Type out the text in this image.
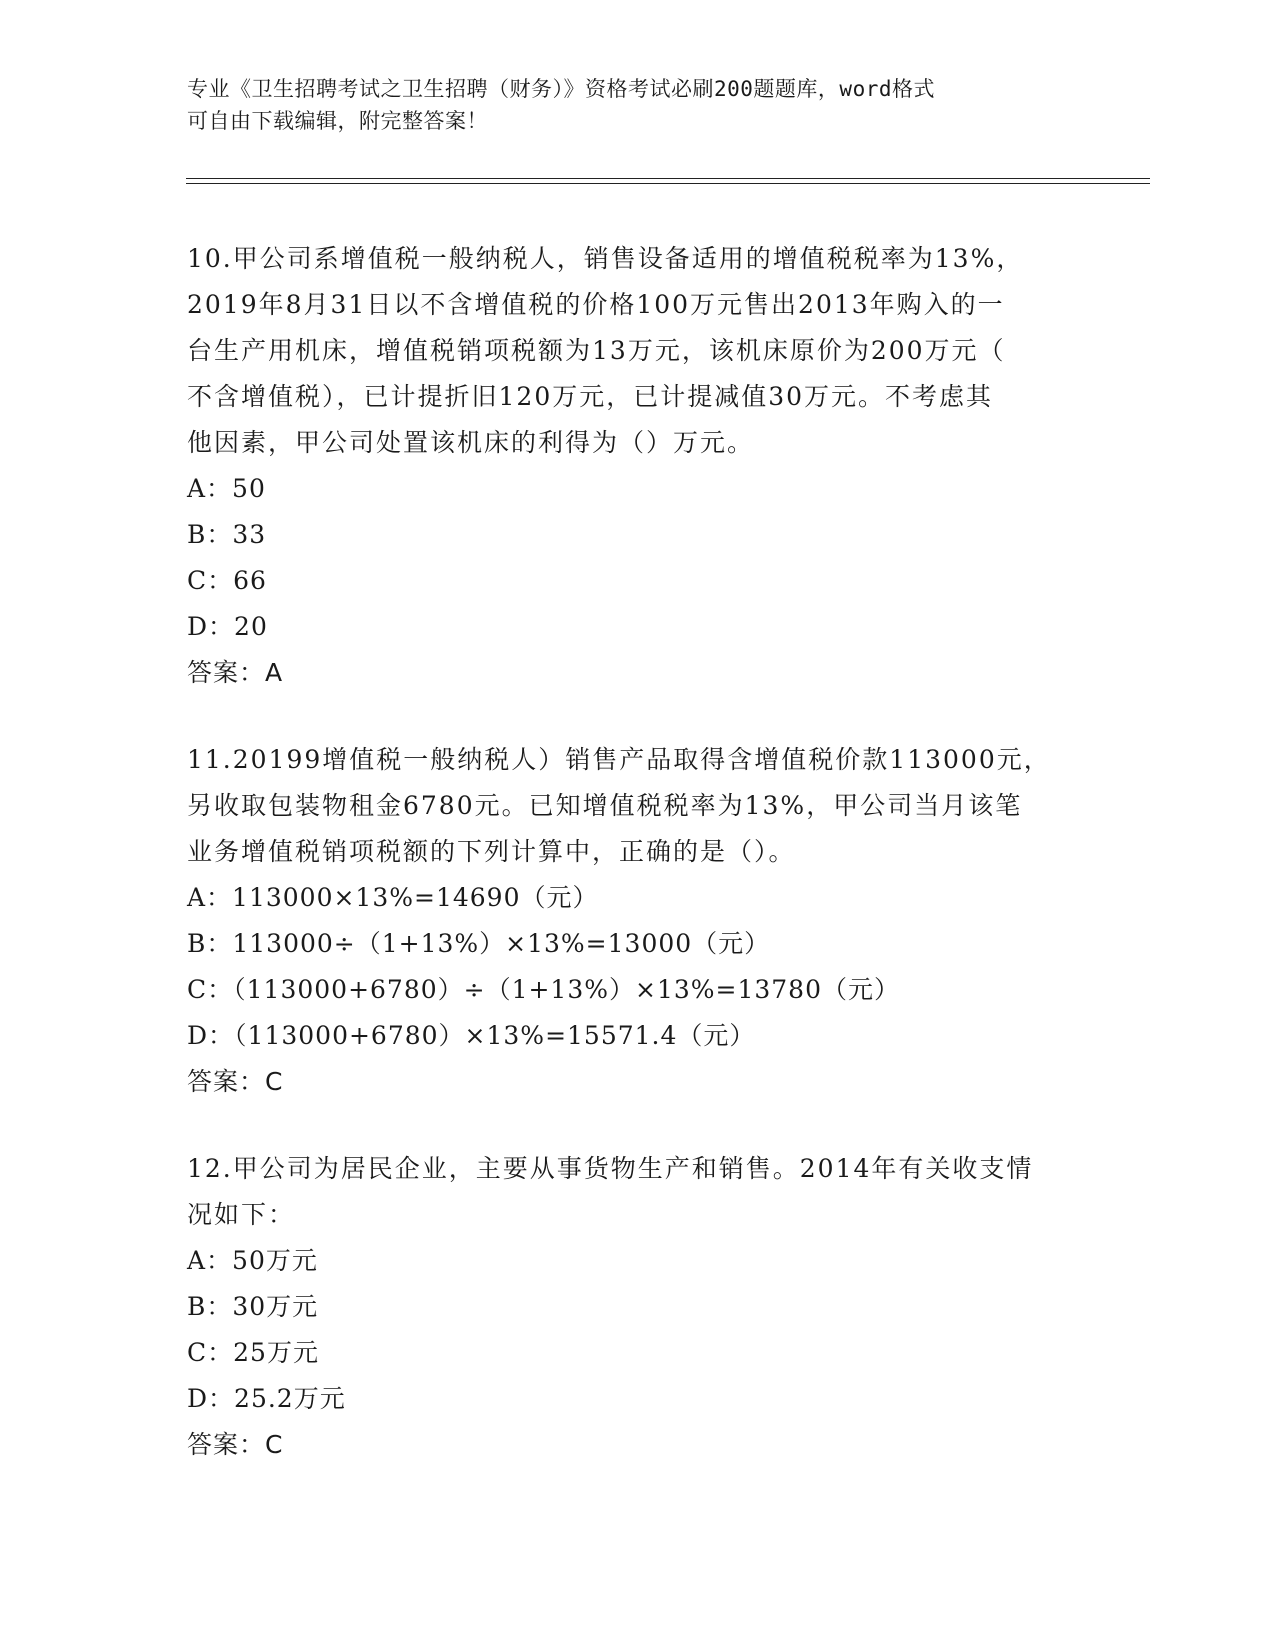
专业《卫生招聘考试之卫生招聘（财务）》资格考试必刷200题题库，word格式
可自由下载编辑，附完整答案！
10.甲公司系增值税一般纳税人，销售设备适用的增值税税率为13%，
2019年8月31日以不含增值税的价格100万元售出2013年购入的一
台生产用机床，增值税销项税额为13万元，该机床原价为200万元（
不含增值税），已计提折旧120万元，已计提减值30万元。不考虑其
他因素，甲公司处置该机床的利得为（）万元。
A：50
B：33
C：66
D：20
答案：A
11.20199增值税一般纳税人）销售产品取得含增值税价款113000元，
另收取包装物租金6780元。已知增值税税率为13%，甲公司当月该笔
业务增值税销项税额的下列计算中，正确的是（）。
A：113000×13%=14690（元）
B：113000÷（1+13%）×13%=13000（元）
C：（113000+6780）÷（1+13%）×13%=13780（元）
D：（113000+6780）×13%=15571.4（元）
答案：C
12.甲公司为居民企业，主要从事货物生产和销售。2014年有关收支情
况如下：
A：50万元
B：30万元
C：25万元
D：25.2万元
答案：C
